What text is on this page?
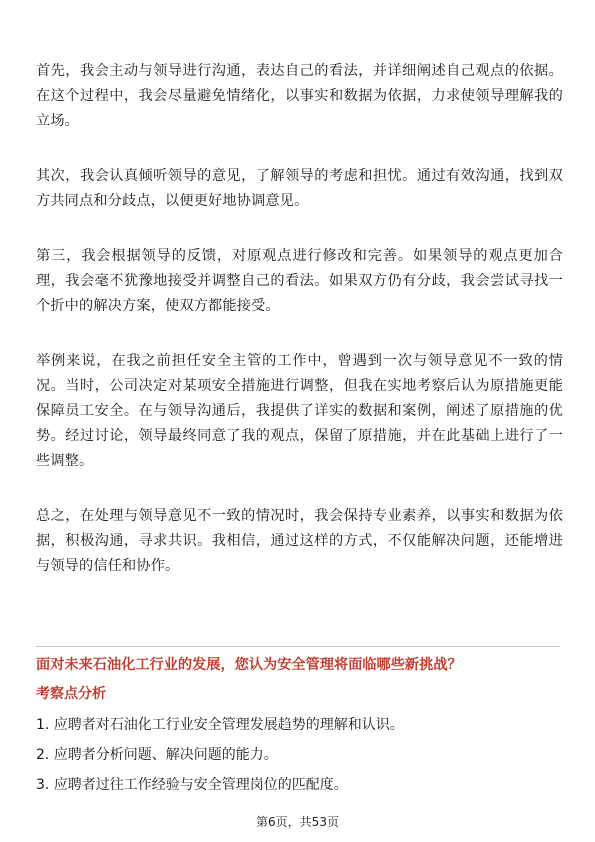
首先，我会主动与领导进行沟通，表达自己的看法，并详细阐述自己观点的依据。在这个过程中，我会尽量避免情绪化，以事实和数据为依据，力求使领导理解我的立场。

其次，我会认真倾听领导的意见，了解领导的考虑和担忧。通过有效沟通，找到双方共同点和分歧点，以便更好地协调意见。

第三，我会根据领导的反馈，对原观点进行修改和完善。如果领导的观点更加合理，我会毫不犹豫地接受并调整自己的看法。如果双方仍有分歧，我会尝试寻找一个折中的解决方案，使双方都能接受。

举例来说，在我之前担任安全主管的工作中，曾遇到一次与领导意见不一致的情况。当时，公司决定对某项安全措施进行调整，但我在实地考察后认为原措施更能保障员工安全。在与领导沟通后，我提供了详实的数据和案例，阐述了原措施的优势。经过讨论，领导最终同意了我的观点，保留了原措施，并在此基础上进行了一些调整。

总之，在处理与领导意见不一致的情况时，我会保持专业素养，以事实和数据为依据，积极沟通，寻求共识。我相信，通过这样的方式，不仅能解决问题，还能增进与领导的信任和协作。

面对未来石油化工行业的发展，您认为安全管理将面临哪些新挑战？
考察点分析
1. 应聘者对石油化工行业安全管理发展趋势的理解和认识。
2. 应聘者分析问题、解决问题的能力。
3. 应聘者过往工作经验与安全管理岗位的匹配度。
第6页，共53页
